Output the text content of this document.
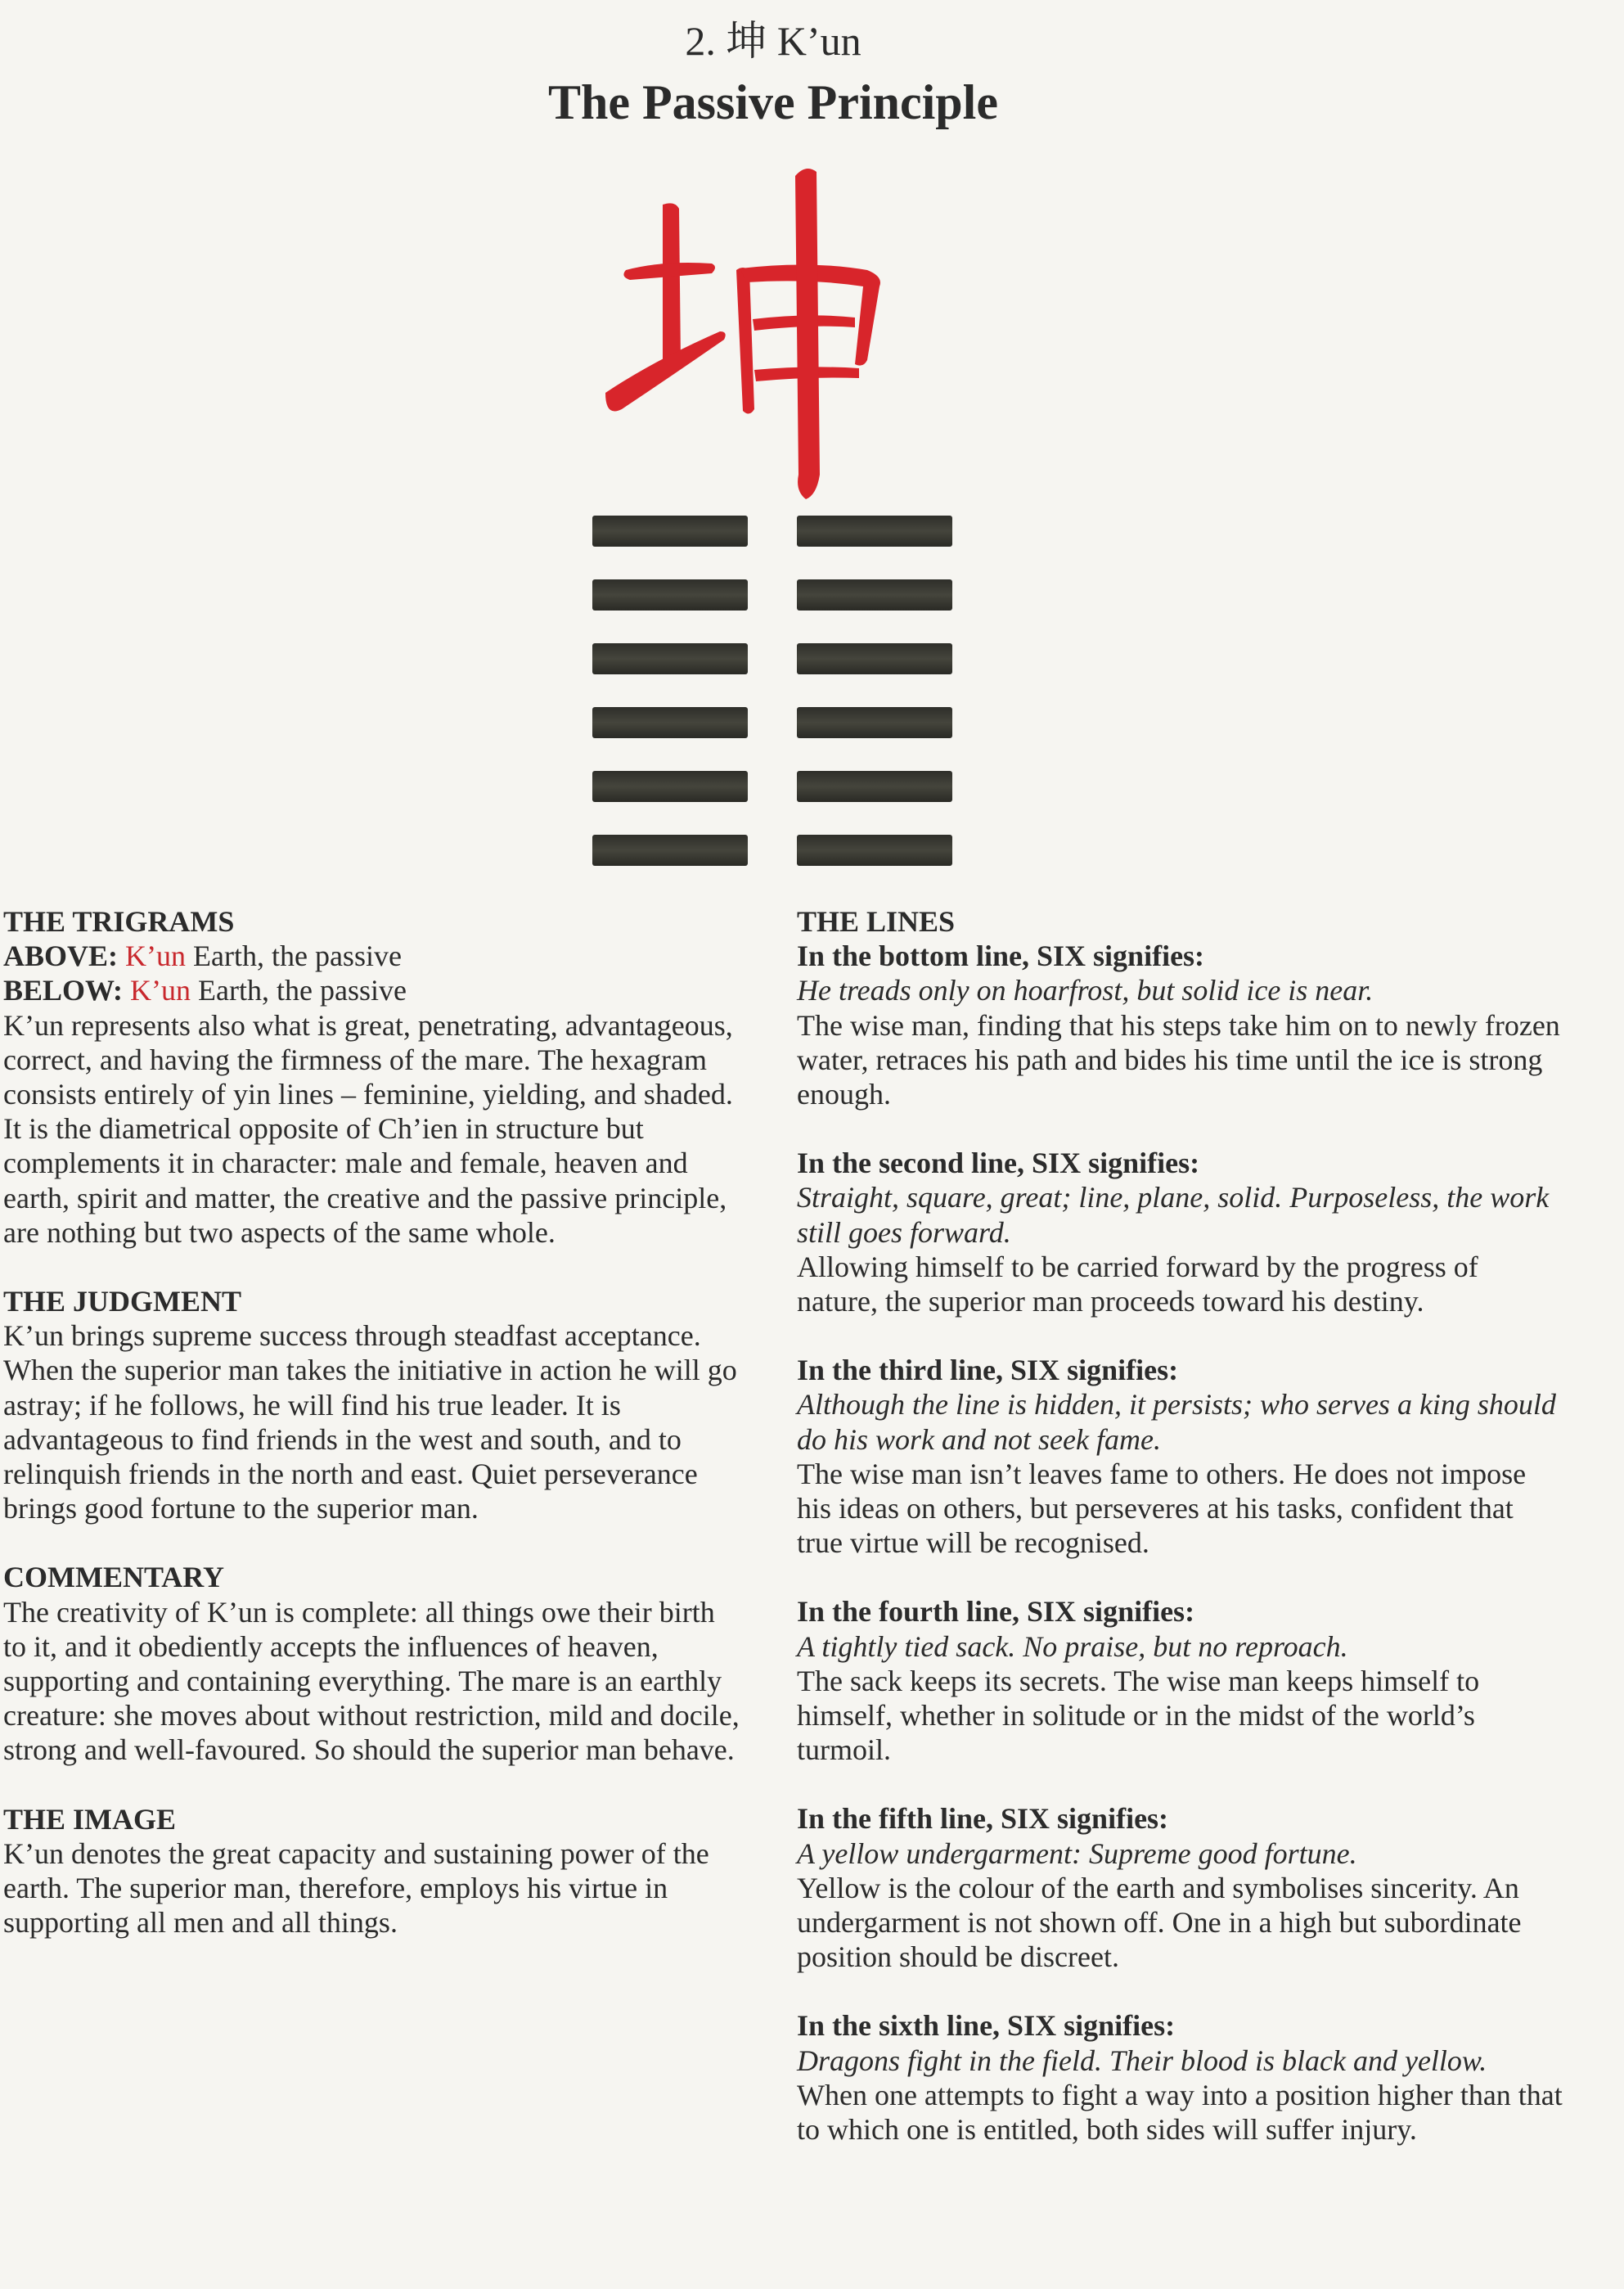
2. 坤 K’un
The Passive Principle

THE TRIGRAMS

ABOVE: K’un Earth, the passive

BELOW: K’un Earth, the passive

K’un represents also what is great, penetrating, advantageous, correct, and having the firmness of the mare. The hexagram consists entirely of yin lines – feminine, yielding, and shaded. It is the diametrical opposite of Ch’ien in structure but complements it in character: male and female, heaven and earth, spirit and matter, the creative and the passive principle, are nothing but two aspects of the same whole.

THE JUDGMENT

K’un brings supreme success through steadfast acceptance. When the superior man takes the initiative in action he will go astray; if he follows, he will find his true leader. It is advantageous to find friends in the west and south, and to relinquish friends in the north and east. Quiet perseverance brings good fortune to the superior man.

COMMENTARY

The creativity of K’un is complete: all things owe their birth to it, and it obediently accepts the influences of heaven, supporting and containing everything. The mare is an earthly creature: she moves about without restriction, mild and docile, strong and well-favoured. So should the superior man behave.

THE IMAGE

K’un denotes the great capacity and sustaining power of the earth. The superior man, therefore, employs his virtue in supporting all men and all things.

THE LINES

In the bottom line, SIX signifies:

He treads only on hoarfrost, but solid ice is near.

The wise man, finding that his steps take him on to newly frozen water, retraces his path and bides his time until the ice is strong enough.

In the second line, SIX signifies:

Straight, square, great; line, plane, solid. Purposeless, the work still goes forward.

Allowing himself to be carried forward by the progress of nature, the superior man proceeds toward his destiny.

In the third line, SIX signifies:

Although the line is hidden, it persists; who serves a king should do his work and not seek fame.

The wise man isn’t leaves fame to others. He does not impose his ideas on others, but perseveres at his tasks, confident that true virtue will be recognised.

In the fourth line, SIX signifies:

A tightly tied sack. No praise, but no reproach.

The sack keeps its secrets. The wise man keeps himself to himself, whether in solitude or in the midst of the world’s turmoil.

In the fifth line, SIX signifies:

A yellow undergarment: Supreme good fortune.

Yellow is the colour of the earth and symbolises sincerity. An undergarment is not shown off. One in a high but subordinate position should be discreet.

In the sixth line, SIX signifies:

Dragons fight in the field. Their blood is black and yellow.

When one attempts to fight a way into a position higher than that to which one is entitled, both sides will suffer injury.
